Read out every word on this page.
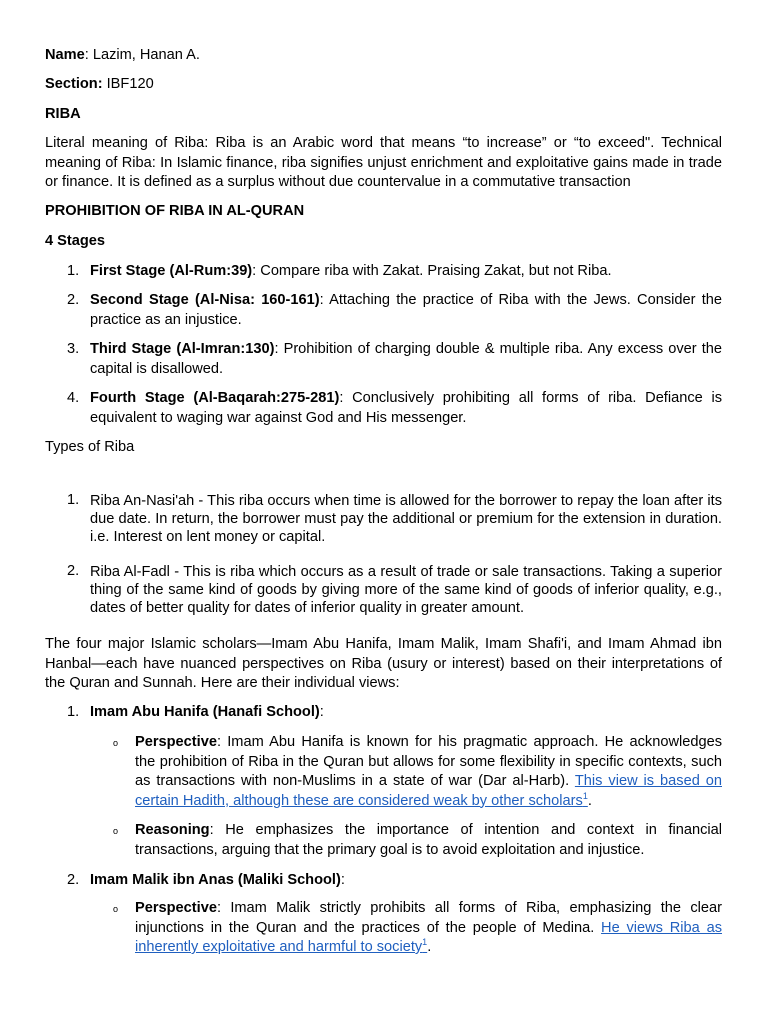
Name: Lazim, Hanan A.

Section: IBF120

RIBA

Literal meaning of Riba: Riba is an Arabic word that means “to increase” or “to exceed". Technical meaning of Riba: In Islamic finance, riba signifies unjust enrichment and exploitative gains made in trade or finance. It is defined as a surplus without due countervalue in a commutative transaction

PROHIBITION OF RIBA IN AL-QURAN

4 Stages

1. First Stage (Al-Rum:39): Compare riba with Zakat. Praising Zakat, but not Riba.

2. Second Stage (Al-Nisa: 160-161): Attaching the practice of Riba with the Jews. Consider the practice as an injustice.

3. Third Stage (Al-Imran:130): Prohibition of charging double & multiple riba. Any excess over the capital is disallowed.

4. Fourth Stage (Al-Baqarah:275-281): Conclusively prohibiting all forms of riba. Defiance is equivalent to waging war against God and His messenger.

Types of Riba

1. Riba An-Nasi'ah - This riba occurs when time is allowed for the borrower to repay the loan after its due date. In return, the borrower must pay the additional or premium for the extension in duration. i.e. Interest on lent money or capital.

2. Riba Al-Fadl - This is riba which occurs as a result of trade or sale transactions. Taking a superior thing of the same kind of goods by giving more of the same kind of goods of inferior quality, e.g., dates of better quality for dates of inferior quality in greater amount.

The four major Islamic scholars—Imam Abu Hanifa, Imam Malik, Imam Shafi'i, and Imam Ahmad ibn Hanbal—each have nuanced perspectives on Riba (usury or interest) based on their interpretations of the Quran and Sunnah. Here are their individual views:

1. Imam Abu Hanifa (Hanafi School):

o Perspective: Imam Abu Hanifa is known for his pragmatic approach. He acknowledges the prohibition of Riba in the Quran but allows for some flexibility in specific contexts, such as transactions with non-Muslims in a state of war (Dar al-Harb). This view is based on certain Hadith, although these are considered weak by other scholars$^1$.

o Reasoning: He emphasizes the importance of intention and context in financial transactions, arguing that the primary goal is to avoid exploitation and injustice.

2. Imam Malik ibn Anas (Maliki School):

o Perspective: Imam Malik strictly prohibits all forms of Riba, emphasizing the clear injunctions in the Quran and the practices of the people of Medina. He views Riba as inherently exploitative and harmful to society$^1$.
